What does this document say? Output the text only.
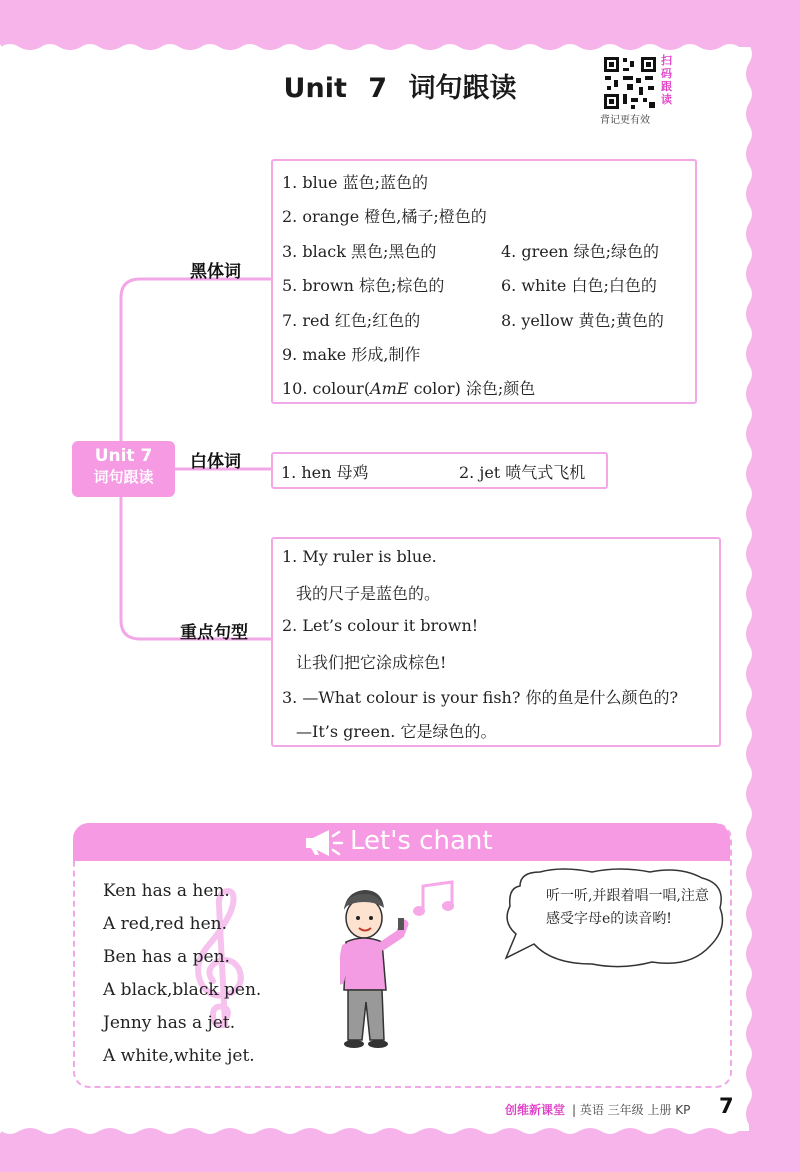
Unit 7 词句跟读
扫码跟读
背记更有效
Unit 7
词句跟读
黑体词
白体词
重点句型
1. blue 蓝色;蓝色的
2. orange 橙色,橘子;橙色的
3. black 黑色;黑色的	4. green 绿色;绿色的
5. brown 棕色;棕色的	6. white 白色;白色的
7. red 红色;红色的	8. yellow 黄色;黄色的
9. make 形成,制作
10. colour(AmE color) 涂色;颜色
1. hen 母鸡	2. jet 喷气式飞机
1. My ruler is blue.
我的尺子是蓝色的。
2. Let’s colour it brown!
让我们把它涂成棕色!
3. —What colour is your fish? 你的鱼是什么颜色的?
—It’s green. 它是绿色的。
Let's chant
Ken has a hen.
A red,red hen.
Ben has a pen.
A black,black pen.
Jenny has a jet.
A white,white jet.
听一听,并跟着唱一唱,注意感受字母e的读音哟!
创维新课堂 | 英语 三年级 上册 KP 7
